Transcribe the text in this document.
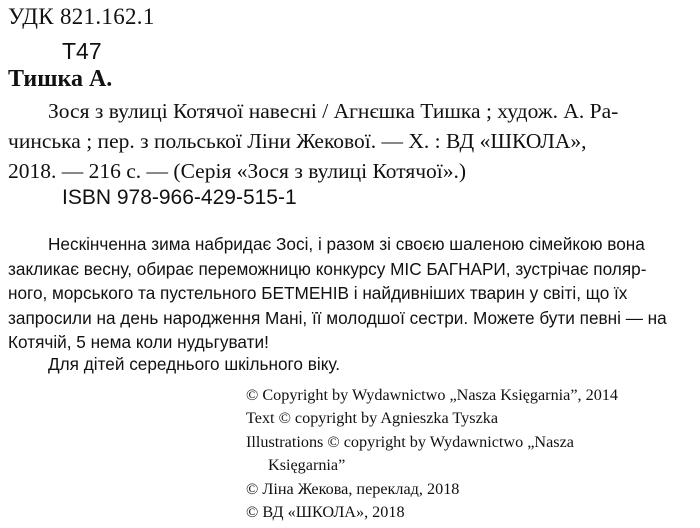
УДК 821.162.1
Т47
Тишка А.
Зося з вулиці Котячої навесні / Агнєшка Тишка ; худож. А. Ра-
чинська ; пер. з польської Ліни Жекової. — Х. : ВД «ШКОЛА»,
2018. — 216 с. — (Серія «Зося з вулиці Котячої».)
ISBN 978-966-429-515-1
Нескінченна зима набридає Зосі, і разом зі своєю шаленою сімейкою вона
закликає весну, обирає переможницю конкурсу МІС БАГНАРИ, зустрічає поляр-
ного, морського та пустельного БЕТМЕНІВ і найдивніших тварин у світі, що їх
запросили на день народження Мані, її молодшої сестри. Можете бути певні — на
Котячій, 5 нема коли нудьгувати!
Для дітей середнього шкільного віку.
© Copyright by Wydawnictwo „Nasza Księgarnia”, 2014
Text © copyright by Agnieszka Tyszka
Illustrations © copyright by Wydawnictwo „Nasza
Księgarnia”
© Ліна Жекова, переклад, 2018
© ВД «ШКОЛА», 2018
